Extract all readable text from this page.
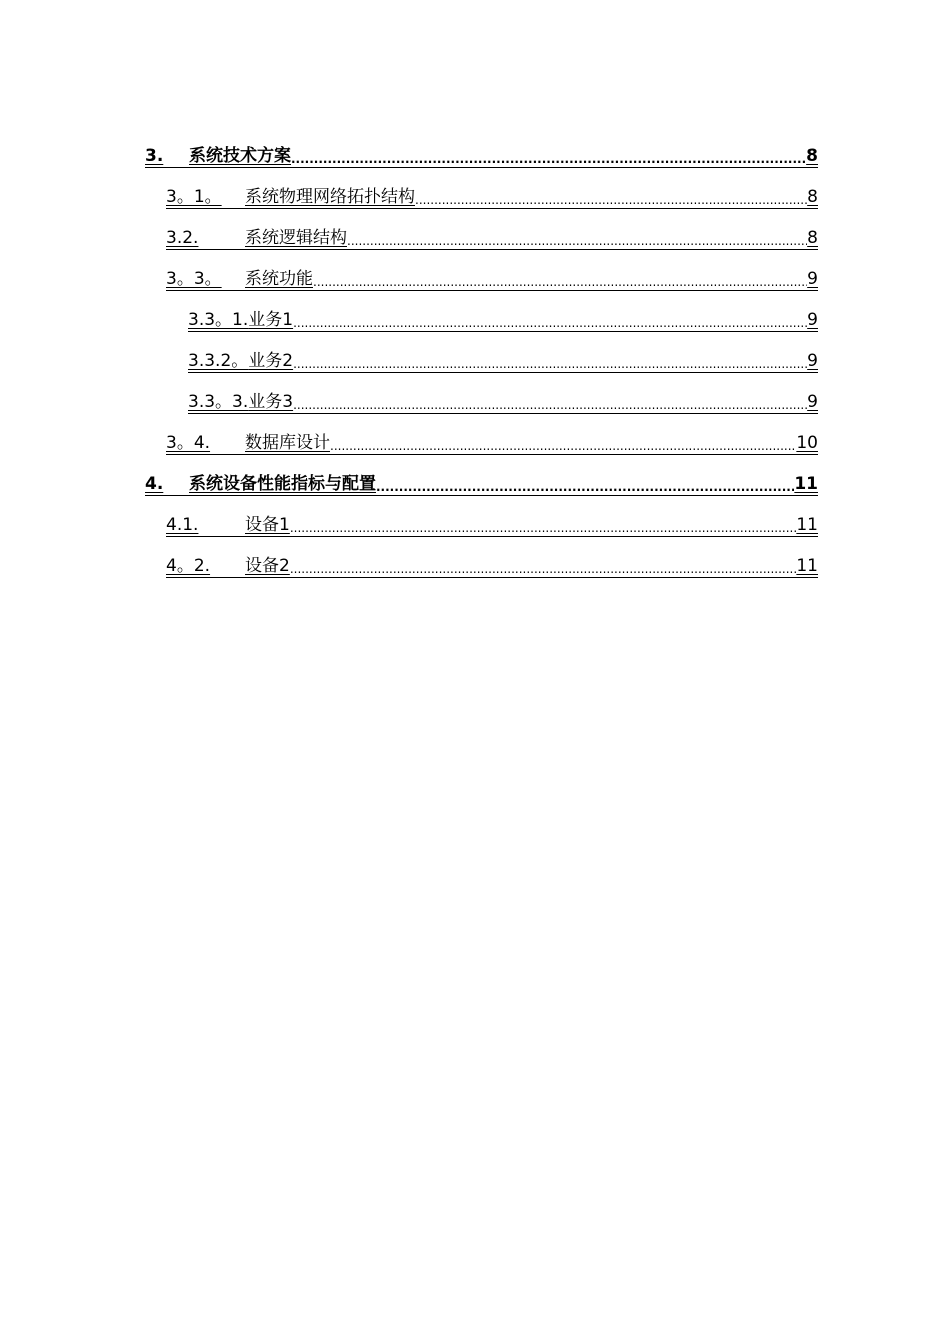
3.	系统技术方案 .....	8
3。1。	系统物理网络拓扑结构 .....	8
3.2.	系统逻辑结构 .....	8
3。3。	系统功能 .....	9
3.3。1. 业务1 .....	9
3.3.2。 业务2 .....	9
3.3。3. 业务3 .....	9
3。4.	数据库设计 .....	10
4.	系统设备性能指标与配置 .....	11
4.1.	设备1 .....	11
4。2.	设备2 .....	11
